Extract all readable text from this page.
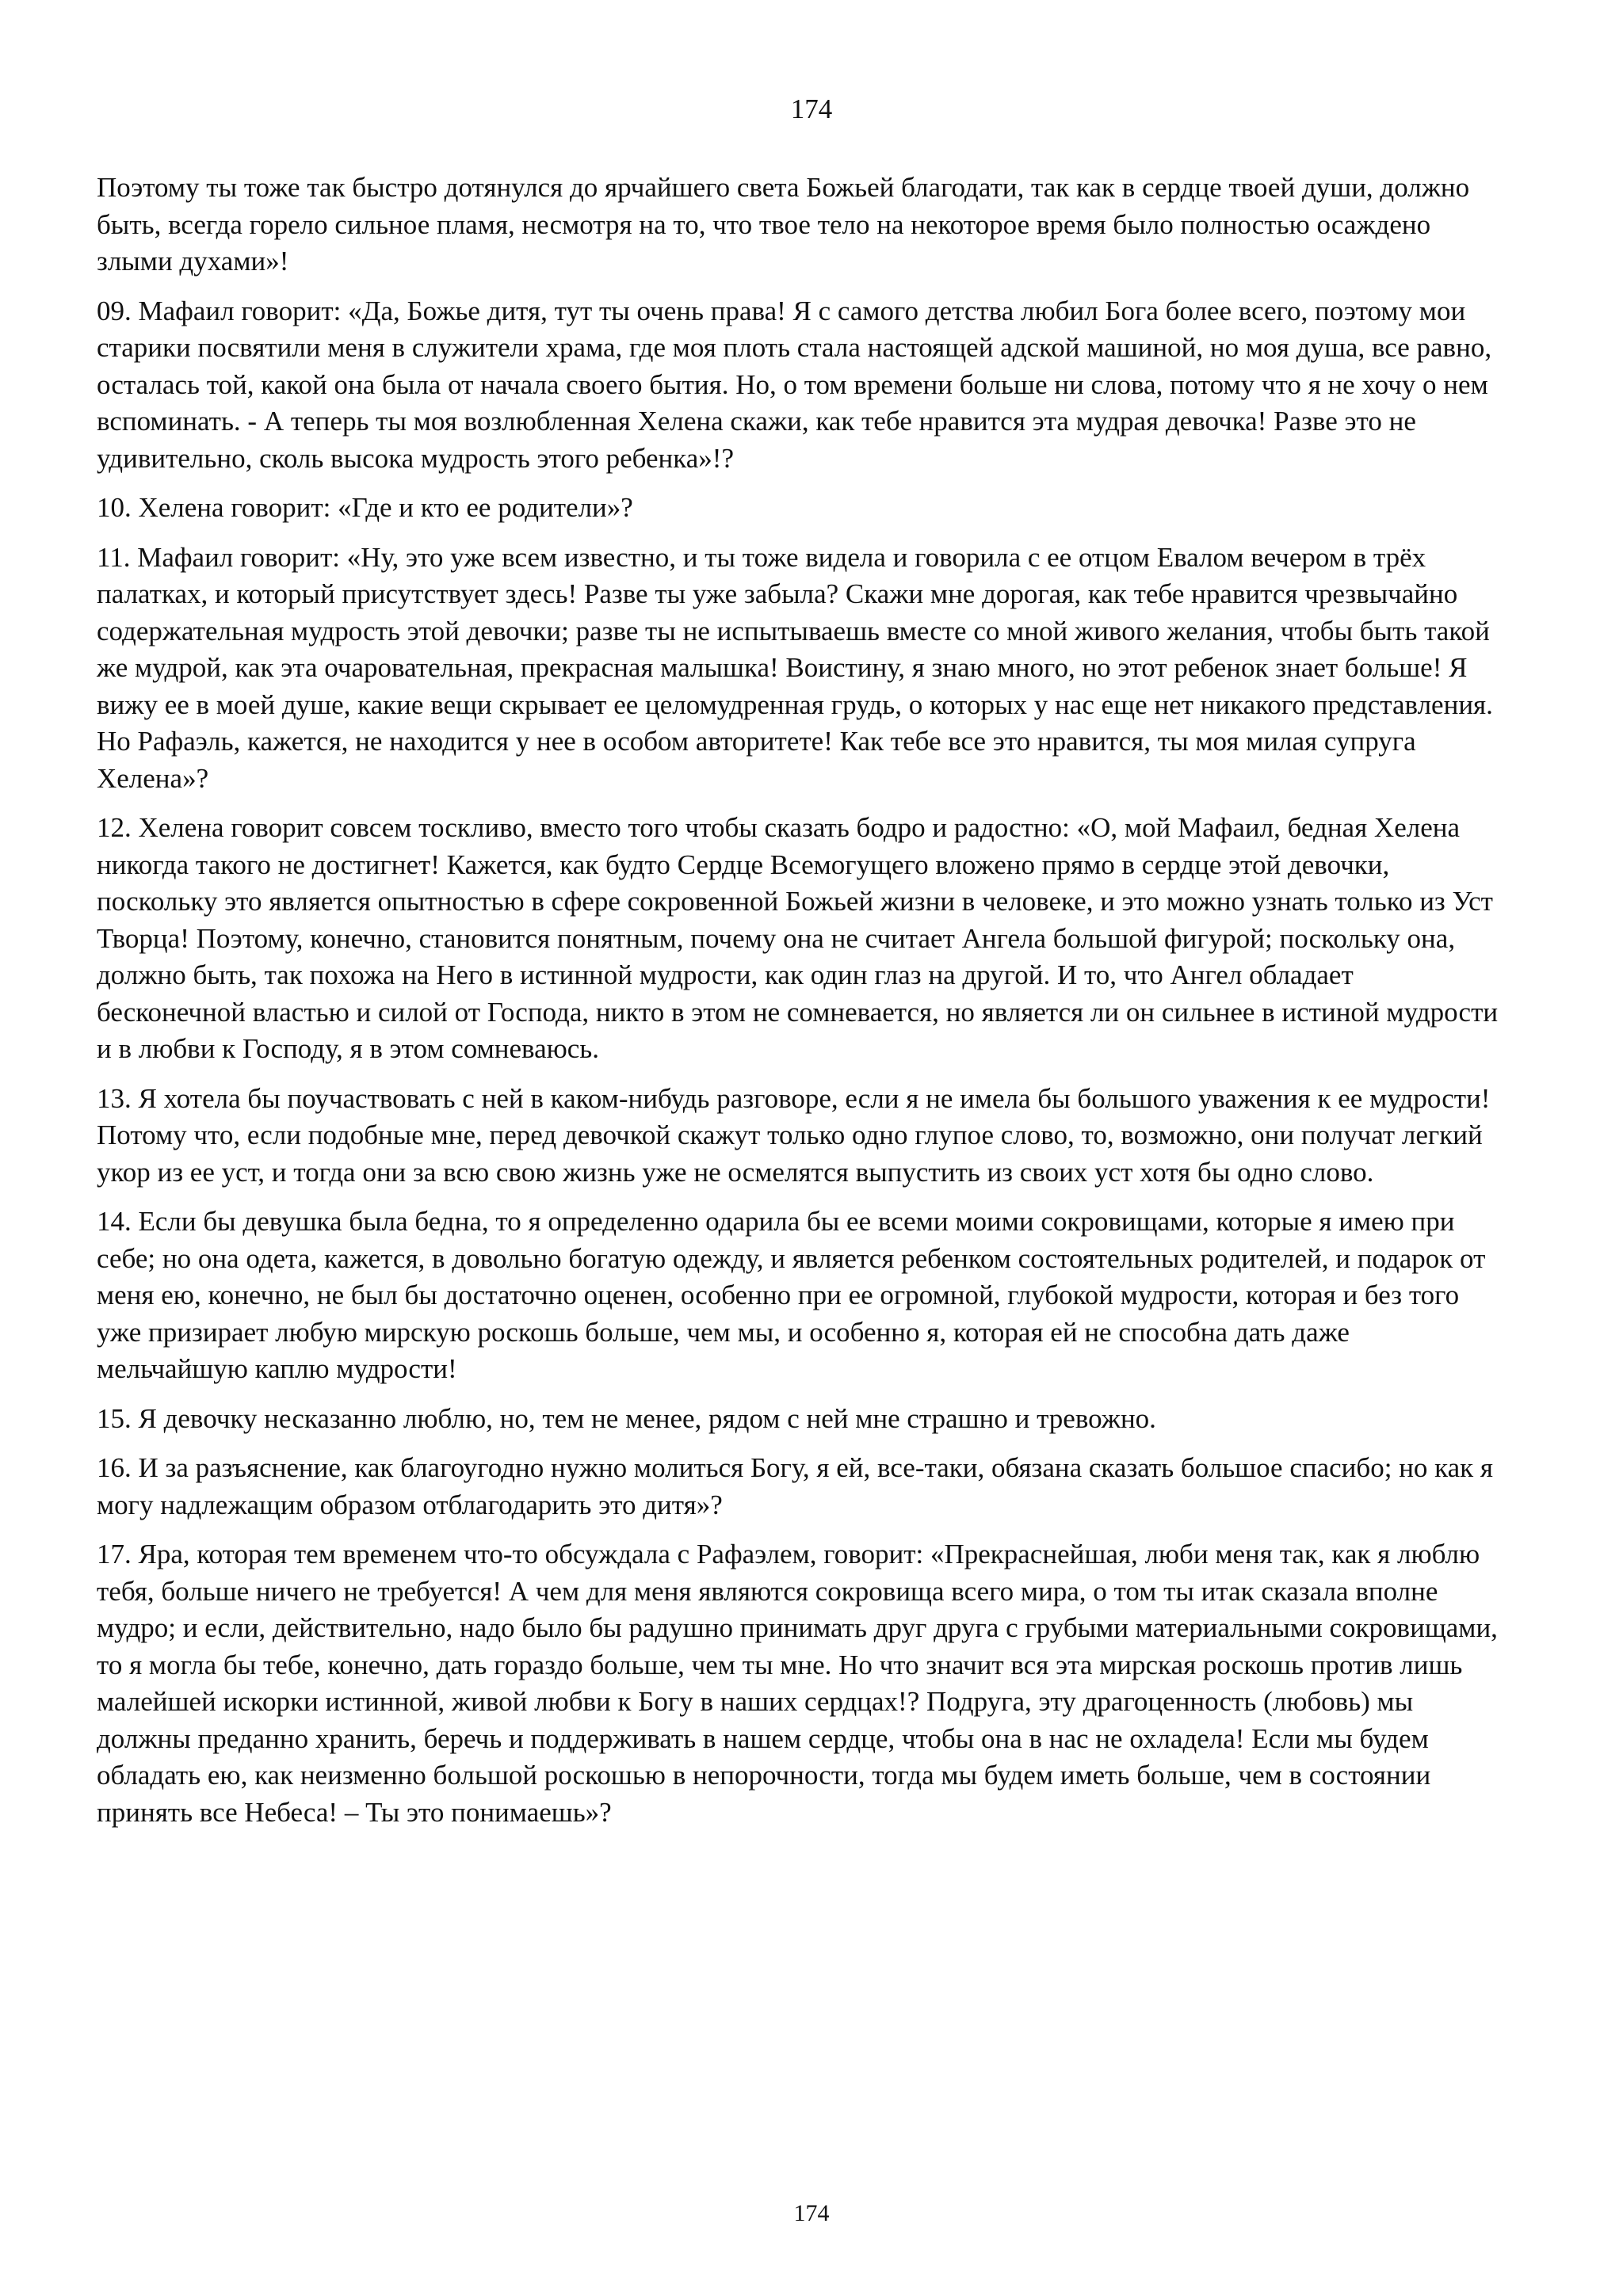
174

Поэтому ты тоже так быстро дотянулся до ярчайшего света Божьей благодати, так как в сердце твоей души, должно быть, всегда горело сильное пламя, несмотря на то, что твое тело на некоторое время было полностью осаждено злыми духами»!

09. Мафаил говорит: «Да, Божье дитя, тут ты очень права! Я с самого детства любил Бога более всего, поэтому мои старики посвятили меня в служители храма, где моя плоть стала настоящей адской машиной, но моя душа, все равно, осталась той, какой она была от начала своего бытия. Но, о том времени больше ни слова, потому что я не хочу о нем вспоминать. - А теперь ты моя возлюбленная Хелена скажи, как тебе нравится эта мудрая девочка! Разве это не удивительно, сколь высока мудрость этого ребенка»!?

10. Хелена говорит: «Где и кто ее родители»?

11. Мафаил говорит: «Ну, это уже всем известно, и ты тоже видела и говорила с ее отцом Евалом вечером в трёх палатках, и который присутствует здесь! Разве ты уже забыла? Скажи мне дорогая, как тебе нравится чрезвычайно содержательная мудрость этой девочки; разве ты не испытываешь вместе со мной живого желания, чтобы быть такой же мудрой, как эта очаровательная, прекрасная малышка! Воистину, я знаю много, но этот ребенок знает больше! Я вижу ее в моей душе, какие вещи скрывает ее целомудренная грудь, о которых у нас еще нет никакого представления. Но Рафаэль, кажется, не находится у нее в особом авторитете! Как тебе все это нравится, ты моя милая супруга Хелена»?

12. Хелена говорит совсем тоскливо, вместо того чтобы сказать бодро и радостно: «О, мой Мафаил, бедная Хелена никогда такого не достигнет! Кажется, как будто Сердце Всемогущего вложено прямо в сердце этой девочки, поскольку это является опытностью в сфере сокровенной Божьей жизни в человеке, и это можно узнать только из Уст Творца! Поэтому, конечно, становится понятным, почему она не считает Ангела большой фигурой; поскольку она, должно быть, так похожа на Него в истинной мудрости, как один глаз на другой. И то, что Ангел обладает бесконечной властью и силой от Господа, никто в этом не сомневается, но является ли он сильнее в истиной мудрости и в любви к Господу, я в этом сомневаюсь.

13. Я хотела бы поучаствовать с ней в каком-нибудь разговоре, если я не имела бы большого уважения к ее мудрости! Потому что, если подобные мне, перед девочкой скажут только одно глупое слово, то, возможно, они получат легкий укор из ее уст, и тогда они за всю свою жизнь уже не осмелятся выпустить из своих уст хотя бы одно слово.

14. Если бы девушка была бедна, то я определенно одарила бы ее всеми моими сокровищами, которые я имею при себе; но она одета, кажется, в довольно богатую одежду, и является ребенком состоятельных родителей, и подарок от меня ею, конечно, не был бы достаточно оценен, особенно при ее огромной, глубокой мудрости, которая и без того уже призирает любую мирскую роскошь больше, чем мы, и особенно я, которая ей не способна дать даже мельчайшую каплю мудрости!

15. Я девочку несказанно люблю, но, тем не менее, рядом с ней мне страшно и тревожно.

16. И за разъяснение, как благоугодно нужно молиться Богу, я ей, все-таки, обязана сказать большое спасибо; но как я могу надлежащим образом отблагодарить это дитя»?

17. Яра, которая тем временем что-то обсуждала с Рафаэлем, говорит: «Прекраснейшая, люби меня так, как я люблю тебя, больше ничего не требуется! А чем для меня являются сокровища всего мира, о том ты итак сказала вполне мудро; и если, действительно, надо было бы радушно принимать друг друга с грубыми материальными сокровищами, то я могла бы тебе, конечно, дать гораздо больше, чем ты мне. Но что значит вся эта мирская роскошь против лишь малейшей искорки истинной, живой любви к Богу в наших сердцах!? Подруга, эту драгоценность (любовь) мы должны преданно хранить, беречь и поддерживать в нашем сердце, чтобы она в нас не охладела! Если мы будем обладать ею, как неизменно большой роскошью в непорочности, тогда мы будем иметь больше, чем в состоянии принять все Небеса! – Ты это понимаешь»?

174
